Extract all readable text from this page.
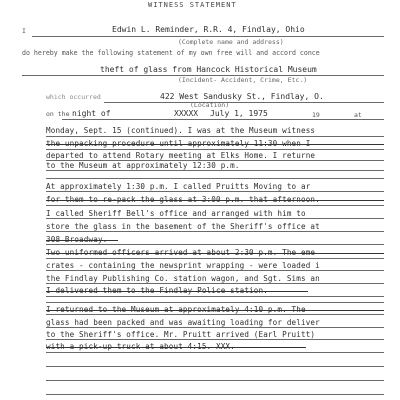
WITNESS STATEMENT
I	Edwin L. Reminder, R.R. 4, Findlay, Ohio
(Complete name and address)
do hereby make the following statement of my own free will and accord conce
theft of glass from Hancock Historical Museum
(Incident- Accident, Crime, Etc.)
which occurred	422 West Sandusky St., Findlay, O.
(Location)
on the night of	XXXXX July 1, 1975	19	at
Monday, Sept. 15 (continued). I was at the Museum witness
the unpacking procedure until approximately 11:30 when I
departed to attend Rotary meeting at Elks Home. I returne
to the Museum at approximately 12:30 p.m.
At approximately 1:30 p.m. I called Pruitts Moving to ar
for them to re-pack the glass at 3:00 p.m. that afternoon.
I called Sheriff Bell's office and arranged with him to
store the glass in the basement of the Sheriff's office at
308 Broadway.
Two uniformed officers arrived at about 2:30 p.m. The eme
crates - containing the newsprint wrapping - were loaded i
the Findlay Publishing Co. station wagon, and Sgt. Sims an
I delivered them to the Findlay Police station.
I returned to the Museum at approximately 4:10 p.m. The
glass had been packed and was awaiting loading for deliver
to the Sheriff's office. Mr. Pruitt arrived (Earl Pruitt)
with a pick-up truck at about 4:15. XXX.
